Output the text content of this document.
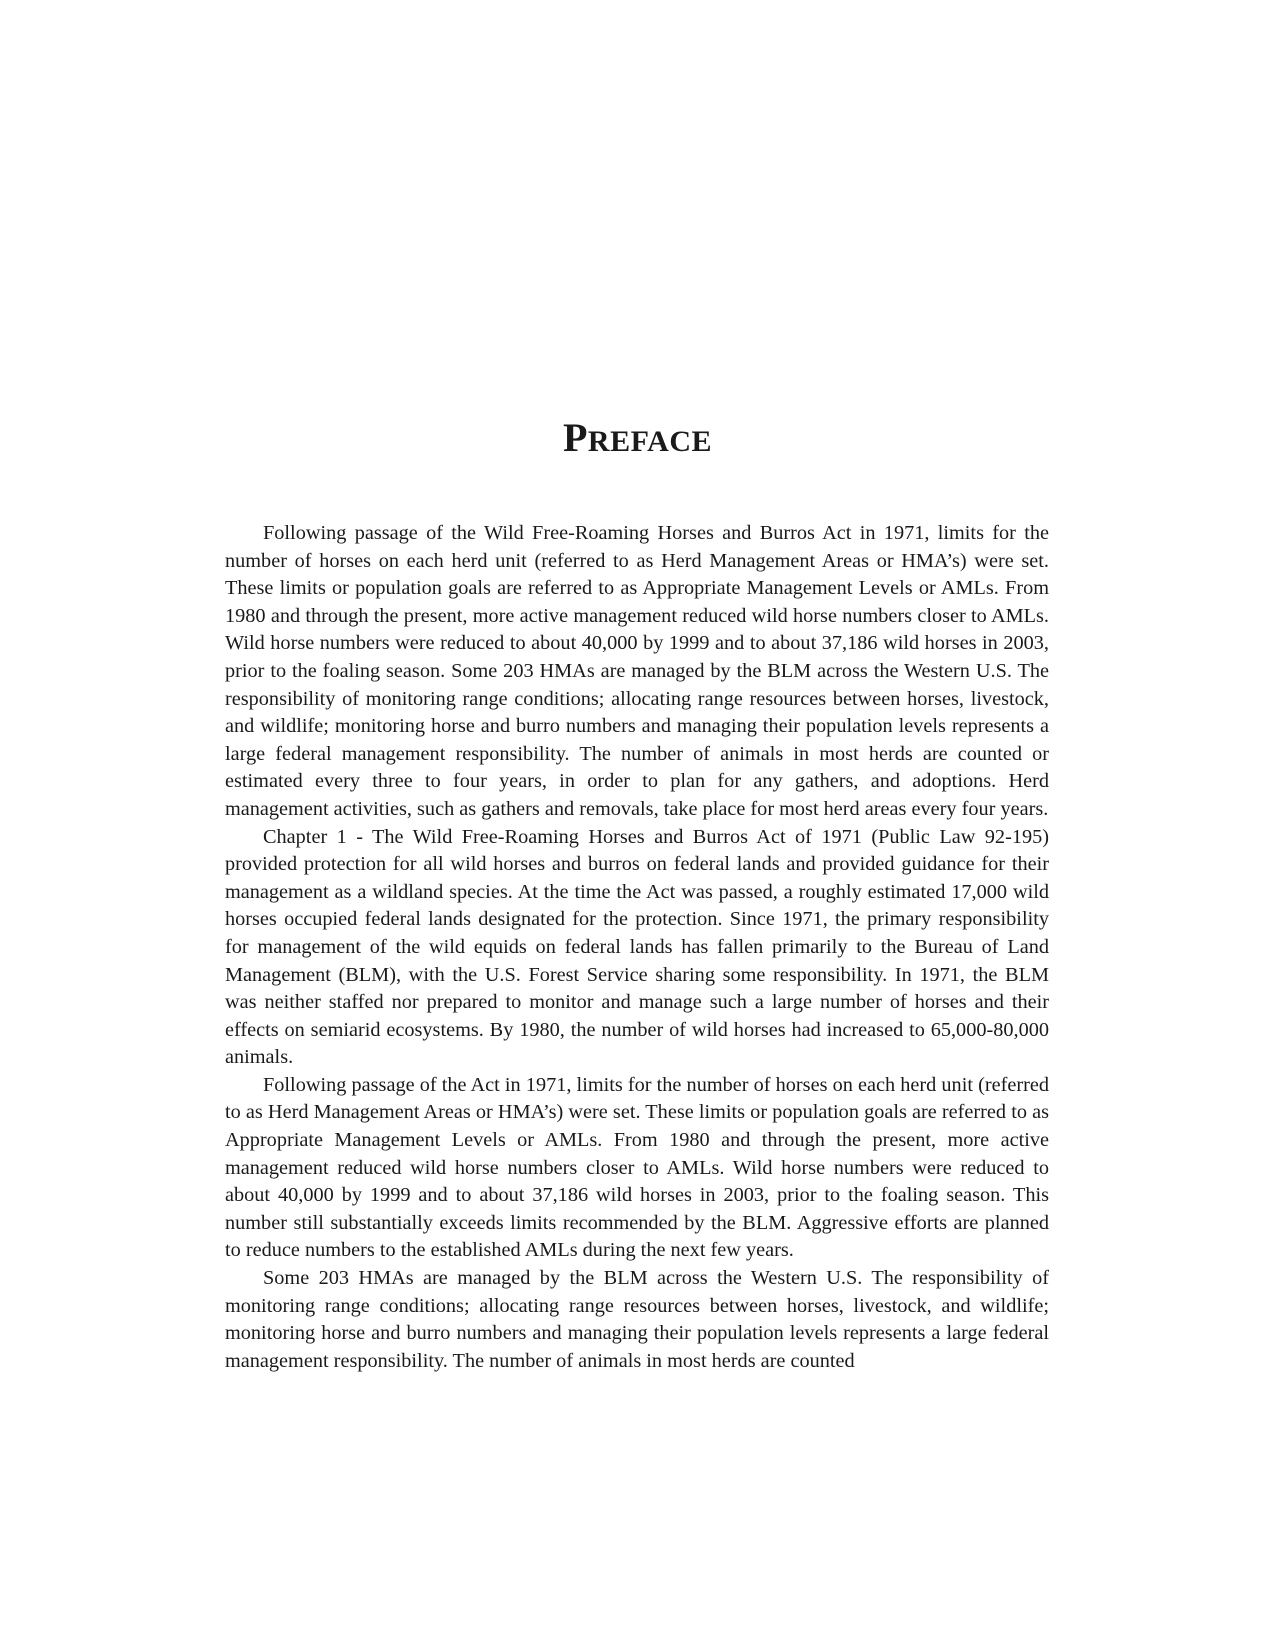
PREFACE

Following passage of the Wild Free-Roaming Horses and Burros Act in 1971, limits for the number of horses on each herd unit (referred to as Herd Management Areas or HMA’s) were set. These limits or population goals are referred to as Appropriate Management Levels or AMLs. From 1980 and through the present, more active management reduced wild horse numbers closer to AMLs. Wild horse numbers were reduced to about 40,000 by 1999 and to about 37,186 wild horses in 2003, prior to the foaling season. Some 203 HMAs are managed by the BLM across the Western U.S. The responsibility of monitoring range conditions; allocating range resources between horses, livestock, and wildlife; monitoring horse and burro numbers and managing their population levels represents a large federal management responsibility. The number of animals in most herds are counted or estimated every three to four years, in order to plan for any gathers, and adoptions. Herd management activities, such as gathers and removals, take place for most herd areas every four years.

Chapter 1 - The Wild Free-Roaming Horses and Burros Act of 1971 (Public Law 92-195) provided protection for all wild horses and burros on federal lands and provided guidance for their management as a wildland species. At the time the Act was passed, a roughly estimated 17,000 wild horses occupied federal lands designated for the protection. Since 1971, the primary responsibility for management of the wild equids on federal lands has fallen primarily to the Bureau of Land Management (BLM), with the U.S. Forest Service sharing some responsibility. In 1971, the BLM was neither staffed nor prepared to monitor and manage such a large number of horses and their effects on semiarid ecosystems. By 1980, the number of wild horses had increased to 65,000-80,000 animals.

Following passage of the Act in 1971, limits for the number of horses on each herd unit (referred to as Herd Management Areas or HMA’s) were set. These limits or population goals are referred to as Appropriate Management Levels or AMLs. From 1980 and through the present, more active management reduced wild horse numbers closer to AMLs. Wild horse numbers were reduced to about 40,000 by 1999 and to about 37,186 wild horses in 2003, prior to the foaling season. This number still substantially exceeds limits recommended by the BLM. Aggressive efforts are planned to reduce numbers to the established AMLs during the next few years.

Some 203 HMAs are managed by the BLM across the Western U.S. The responsibility of monitoring range conditions; allocating range resources between horses, livestock, and wildlife; monitoring horse and burro numbers and managing their population levels represents a large federal management responsibility. The number of animals in most herds are counted
